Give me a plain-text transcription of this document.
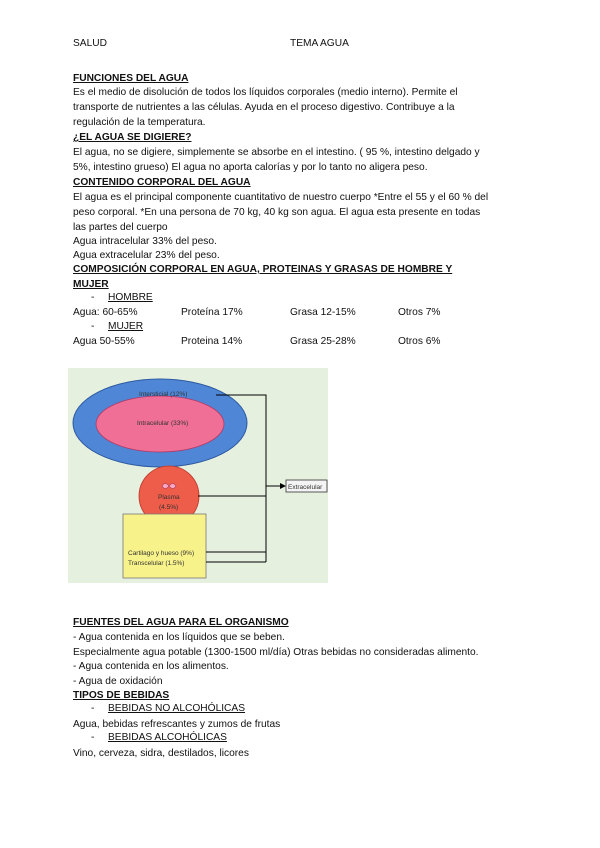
SALUD	TEMA AGUA
FUNCIONES DEL AGUA
Es el medio de disolución de todos los líquidos corporales (medio interno). Permite el
transporte de nutrientes a las células. Ayuda en el proceso digestivo. Contribuye a la
regulación de la temperatura.
¿EL AGUA SE DIGIERE?
El agua, no se digiere, simplemente se absorbe en el intestino. ( 95 %, intestino delgado y
5%, intestino grueso) El agua no aporta calorías y por lo tanto no aligera peso.
CONTENIDO CORPORAL DEL AGUA
El agua es el principal componente cuantitativo de nuestro cuerpo *Entre el 55 y el 60 % del
peso corporal. *En una persona de 70 kg, 40 kg son agua. El agua esta presente en todas
las partes del cuerpo
Agua intracelular 33% del peso.
Agua extracelular 23% del peso.
COMPOSICIÓN CORPORAL EN AGUA, PROTEINAS Y GRASAS DE HOMBRE Y
MUJER
- HOMBRE
Agua: 60-65%	Proteína 17%	Grasa 12-15%	Otros 7%
- MUJER
Agua 50-55%	Proteina 14%	Grasa 25-28%	Otros 6%
Intersticial (12%)
Intracelular (33%)
Plasma
(4.5%)
Cartilago y hueso (9%)
Transcelular (1.5%)
Extracelular
FUENTES DEL AGUA PARA EL ORGANISMO
- Agua contenida en los líquidos que se beben.
Especialmente agua potable (1300-1500 ml/día) Otras bebidas no consideradas alimento.
- Agua contenida en los alimentos.
- Agua de oxidación
TIPOS DE BEBIDAS
- BEBIDAS NO ALCOHÓLICAS
Agua, bebidas refrescantes y zumos de frutas
- BEBIDAS ALCOHÓLICAS
Vino, cerveza, sidra, destilados, licores
